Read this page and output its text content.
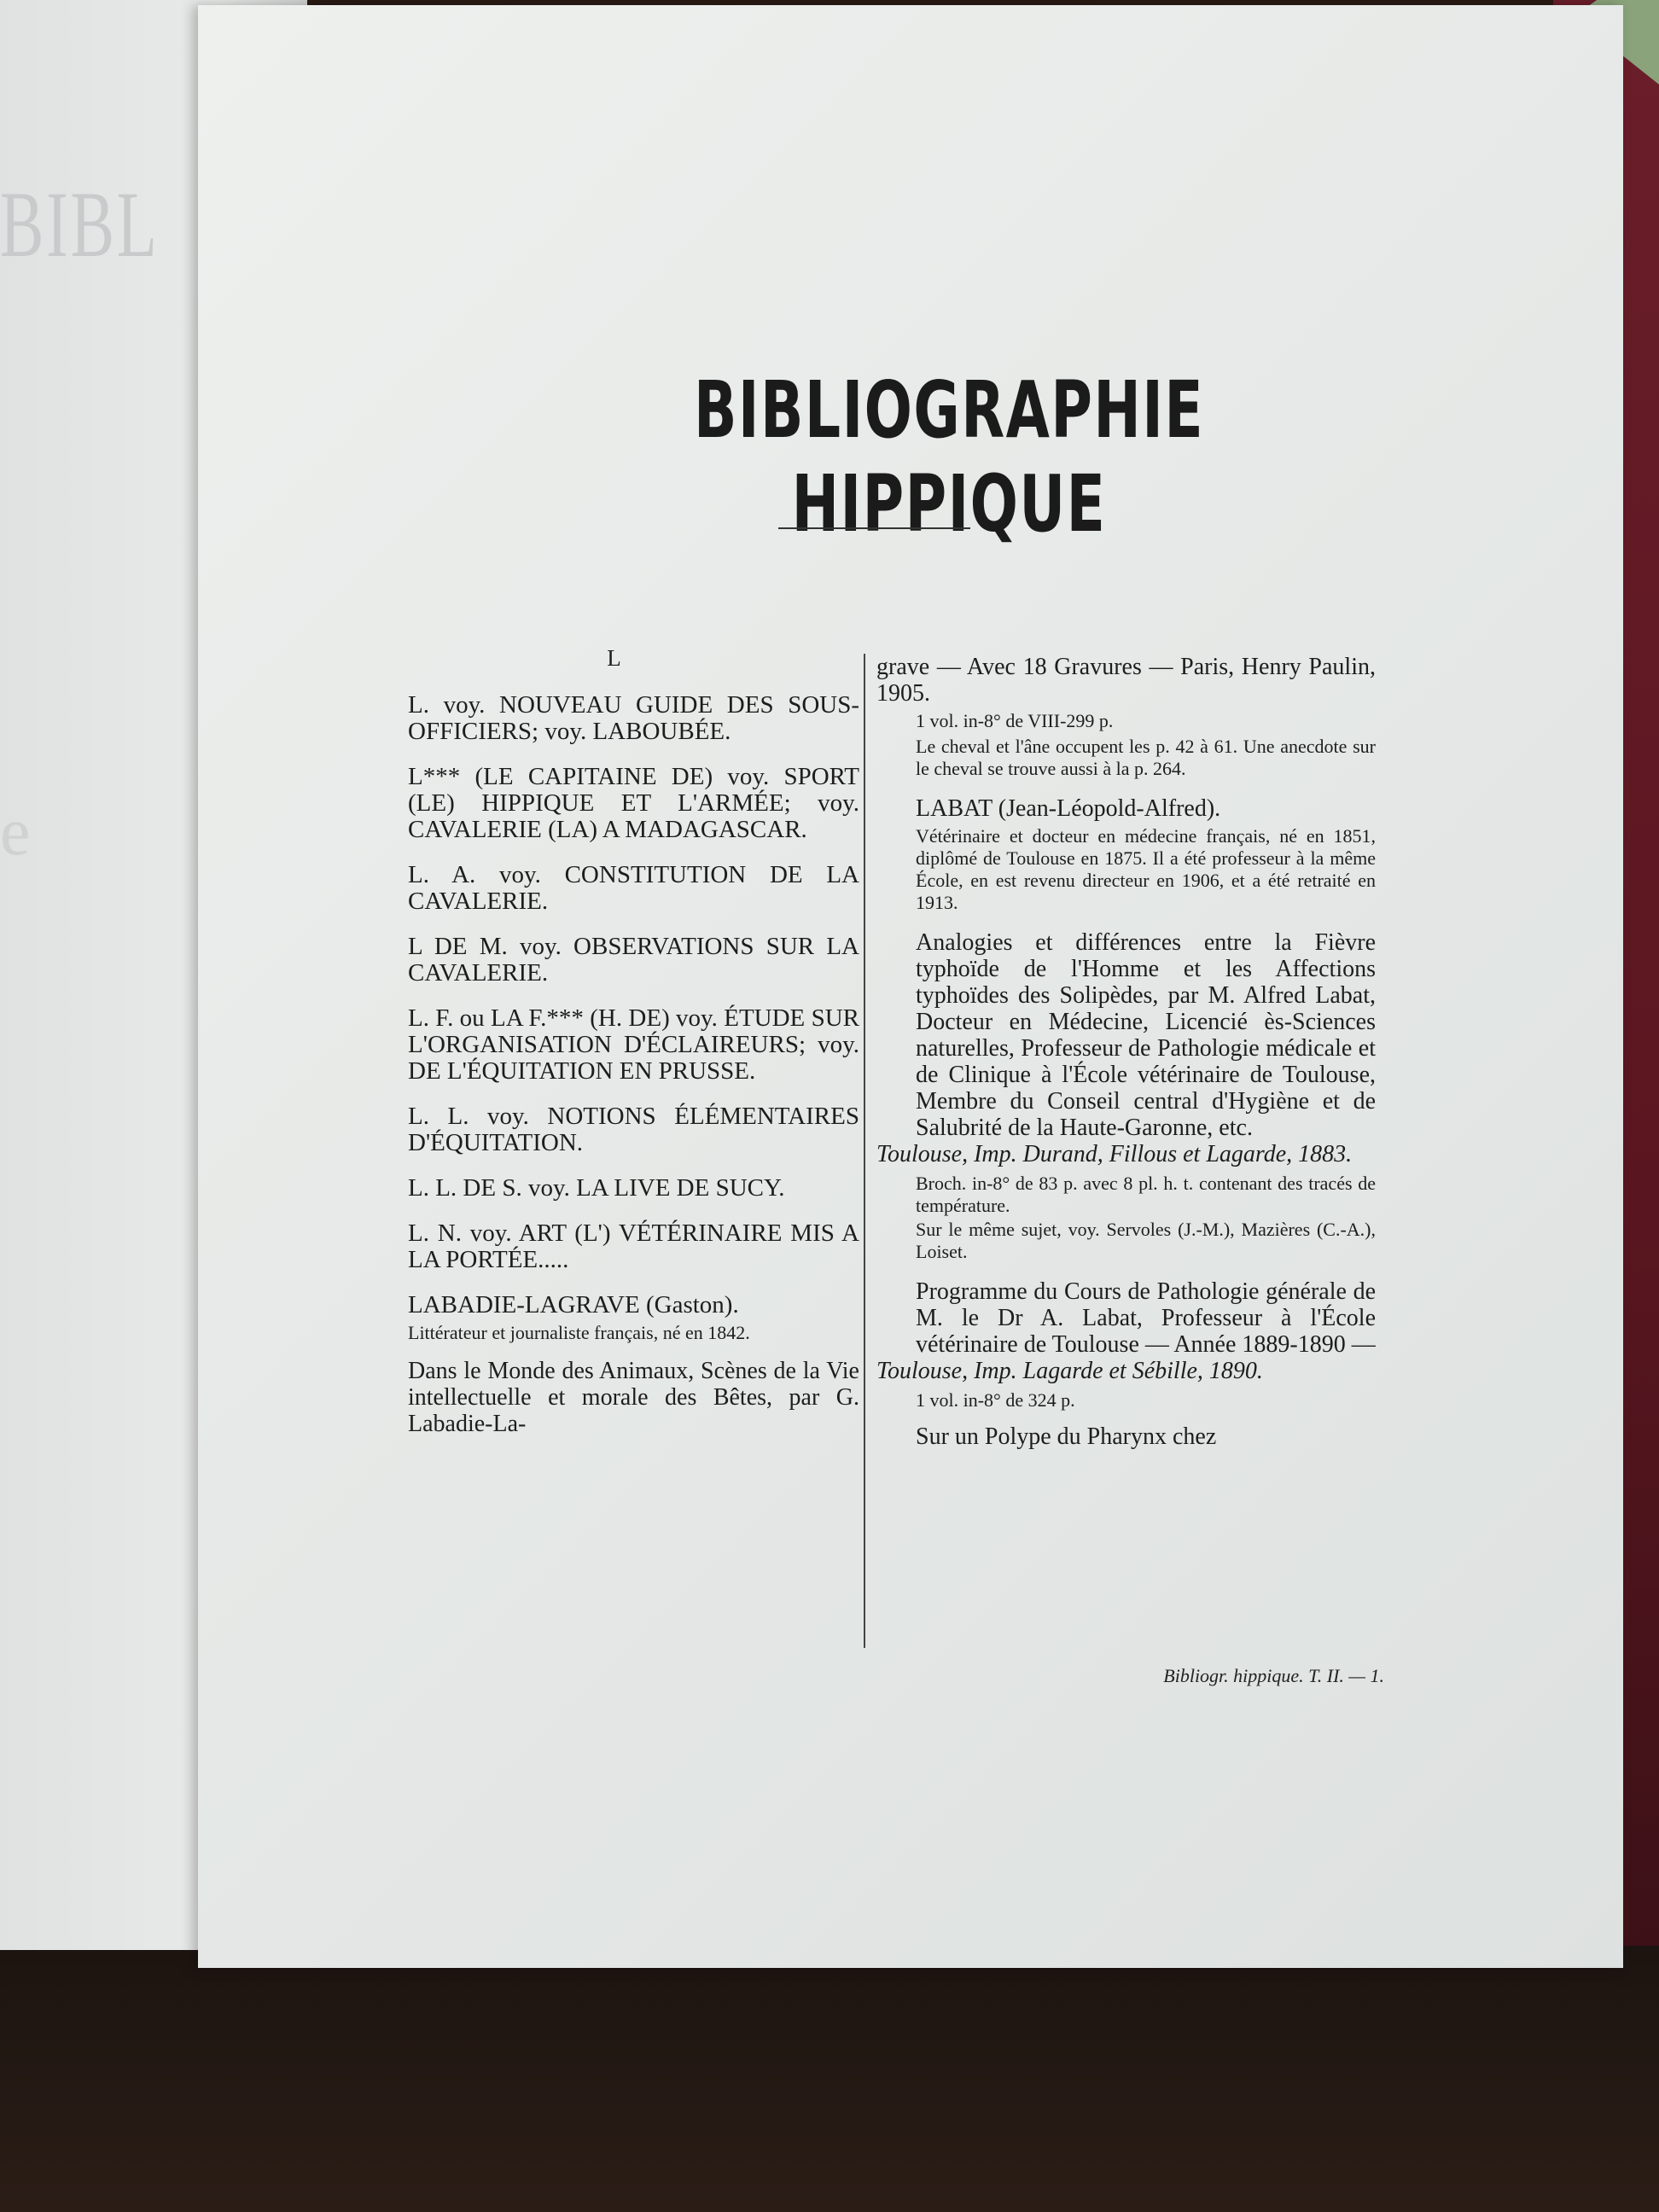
BIBL
e
BIBLIOGRAPHIE HIPPIQUE
L

L. voy. NOUVEAU GUIDE DES SOUS-OFFICIERS; voy. LABOUBÉE.

L*** (LE CAPITAINE DE) voy. SPORT (LE) HIPPIQUE ET L'ARMÉE; voy. CAVALERIE (LA) A MADAGASCAR.

L. A. voy. CONSTITUTION DE LA CAVALERIE.

L DE M. voy. OBSERVATIONS SUR LA CAVALERIE.

L. F. ou LA F.*** (H. DE) voy. ÉTUDE SUR L'ORGANISATION D'ÉCLAIREURS; voy. DE L'ÉQUITATION EN PRUSSE.

L. L. voy. NOTIONS ÉLÉMENTAIRES D'ÉQUITATION.

L. L. DE S. voy. LA LIVE DE SUCY.

L. N. voy. ART (L') VÉTÉRINAIRE MIS A LA PORTÉE.....

LABADIE-LAGRAVE (Gaston).

Littérateur et journaliste français, né en 1842.

Dans le Monde des Animaux, Scènes de la Vie intellectuelle et morale des Bêtes, par G. Labadie-La-

grave — Avec 18 Gravures — Paris, Henry Paulin, 1905.

1 vol. in-8° de VIII-299 p.

Le cheval et l'âne occupent les p. 42 à 61. Une anecdote sur le cheval se trouve aussi à la p. 264.

LABAT (Jean-Léopold-Alfred).

Vétérinaire et docteur en médecine français, né en 1851, diplômé de Toulouse en 1875. Il a été professeur à la même École, en est revenu directeur en 1906, et a été retraité en 1913.

Analogies et différences entre la Fièvre typhoïde de l'Homme et les Affections typhoïdes des Solipèdes, par M. Alfred Labat, Docteur en Médecine, Licencié ès-Sciences naturelles, Professeur de Pathologie médicale et de Clinique à l'École vétérinaire de Toulouse, Membre du Conseil central d'Hygiène et de Salubrité de la Haute-Garonne, etc.

Toulouse, Imp. Durand, Fillous et Lagarde, 1883.

Broch. in-8° de 83 p. avec 8 pl. h. t. contenant des tracés de température.

Sur le même sujet, voy. Servoles (J.-M.), Mazières (C.-A.), Loiset.

Programme du Cours de Pathologie générale de M. le Dr A. Labat, Professeur à l'École vétérinaire de Toulouse — Année 1889-1890 —

Toulouse, Imp. Lagarde et Sébille, 1890.

1 vol. in-8° de 324 p.

Sur un Polype du Pharynx chez

Bibliogr. hippique. T. II. — 1.
